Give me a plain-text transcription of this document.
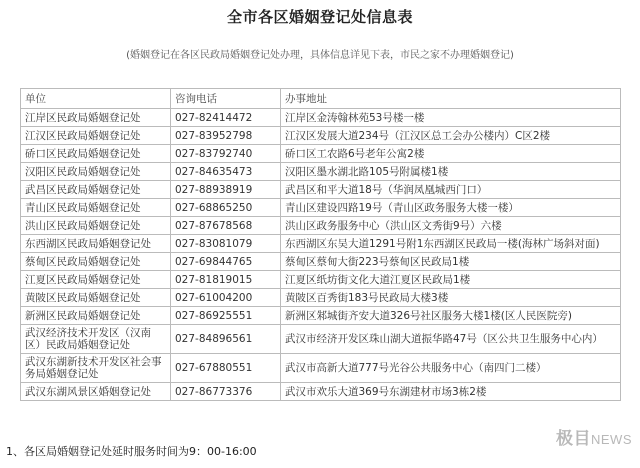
全市各区婚姻登记处信息表
(婚姻登记在各区民政局婚姻登记处办理，具体信息详见下表，市民之家不办理婚姻登记)
单位	咨询电话	办事地址
江岸区民政局婚姻登记处	027-82414472	江岸区金涛翰林苑53号楼一楼
江汉区民政局婚姻登记处	027-83952798	江汉区发展大道234号（江汉区总工会办公楼内）C区2楼
硚口区民政局婚姻登记处	027-83792740	硚口区工农路6号老年公寓2楼
汉阳区民政局婚姻登记处	027-84635473	汉阳区墨水湖北路105号附属楼1楼
武昌区民政局婚姻登记处	027-88938919	武昌区和平大道18号（华润凤凰城西门口）
青山区民政局婚姻登记处	027-68865250	青山区建设四路19号（青山区政务服务大楼一楼）
洪山区民政局婚姻登记处	027-87678568	洪山区政务服务中心（洪山区文秀街9号）六楼
东西湖区民政局婚姻登记处	027-83081079	东西湖区东吴大道1291号附1东西湖区民政局一楼(海林广场斜对面)
蔡甸区民政局婚姻登记处	027-69844765	蔡甸区蔡甸大街223号蔡甸区民政局1楼
江夏区民政局婚姻登记处	027-81819015	江夏区纸坊街文化大道江夏区民政局1楼
黄陂区民政局婚姻登记处	027-61004200	黄陂区百秀街183号民政局大楼3楼
新洲区民政局婚姻登记处	027-86925551	新洲区邾城街齐安大道326号社区服务大楼1楼(区人民医院旁)
武汉经济技术开发区（汉南区）民政局婚姻登记处	027-84896561	武汉市经济开发区珠山湖大道振华路47号（区公共卫生服务中心内）
武汉东湖新技术开发区社会事务局婚姻登记处	027-67880551	武汉市高新大道777号光谷公共服务中心（南四门二楼）
武汉东湖风景区婚姻登记处	027-86773376	武汉市欢乐大道369号东湖建材市场3栋2楼
1、各区局婚姻登记处延时服务时间为9：00-16:00
极目NEWS
